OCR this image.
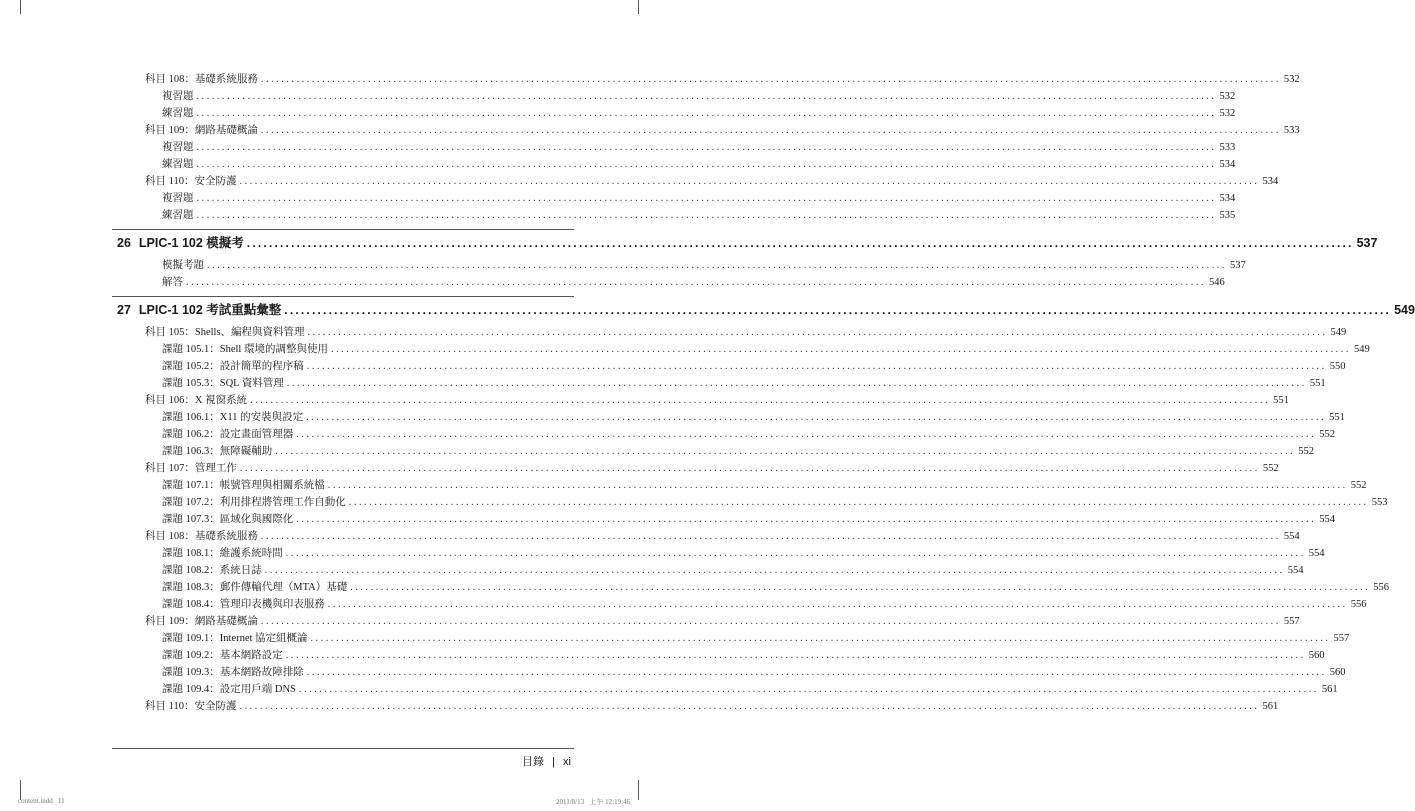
科目 108：基礎系統服務 ........................................................................................................................................................................................................ 532
複習題 ........................................................................................................................................................................................................ 532
練習題 ........................................................................................................................................................................................................ 532
科目 109：網路基礎概論 ........................................................................................................................................................................................................ 533
複習題 ........................................................................................................................................................................................................ 533
練習題 ........................................................................................................................................................................................................ 534
科目 110：安全防護 ........................................................................................................................................................................................................ 534
複習題 ........................................................................................................................................................................................................ 534
練習題 ........................................................................................................................................................................................................ 535
26 LPIC-1 102 模擬考 ........................................................................................................................................................................................................ 537
模擬考題 ........................................................................................................................................................................................................ 537
解答 ........................................................................................................................................................................................................ 546
27 LPIC-1 102 考試重點彙整 ........................................................................................................................................................................................................ 549
科目 105：Shells、編程與資料管理 ........................................................................................................................................................................................................ 549
課題 105.1：Shell 環境的調整與使用 ........................................................................................................................................................................................................ 549
課題 105.2：設計簡單的程序稿 ........................................................................................................................................................................................................ 550
課題 105.3：SQL 資料管理 ........................................................................................................................................................................................................ 551
科目 106：X 視窗系統 ........................................................................................................................................................................................................ 551
課題 106.1：X11 的安裝與設定 ........................................................................................................................................................................................................ 551
課題 106.2：設定畫面管理器 ........................................................................................................................................................................................................ 552
課題 106.3：無障礙輔助 ........................................................................................................................................................................................................ 552
科目 107：管理工作 ........................................................................................................................................................................................................ 552
課題 107.1：帳號管理與相關系統檔 ........................................................................................................................................................................................................ 552
課題 107.2：利用排程將管理工作自動化 ........................................................................................................................................................................................................ 553
課題 107.3：區域化與國際化 ........................................................................................................................................................................................................ 554
科目 108：基礎系統服務 ........................................................................................................................................................................................................ 554
課題 108.1：維護系統時間 ........................................................................................................................................................................................................ 554
課題 108.2：系統日誌 ........................................................................................................................................................................................................ 554
課題 108.3：郵件傳輸代理（MTA）基礎 ........................................................................................................................................................................................................ 556
課題 108.4：管理印表機與印表服務 ........................................................................................................................................................................................................ 556
科目 109：網路基礎概論 ........................................................................................................................................................................................................ 557
課題 109.1：Internet 協定組概論 ........................................................................................................................................................................................................ 557
課題 109.2：基本網路設定 ........................................................................................................................................................................................................ 560
課題 109.3：基本網路故障排除 ........................................................................................................................................................................................................ 560
課題 109.4：設定用戶端 DNS ........................................................................................................................................................................................................ 561
科目 110：安全防護 ........................................................................................................................................................................................................ 561
目錄 | xi
content.indd   11	2011/8/13   上午 12:19:46
